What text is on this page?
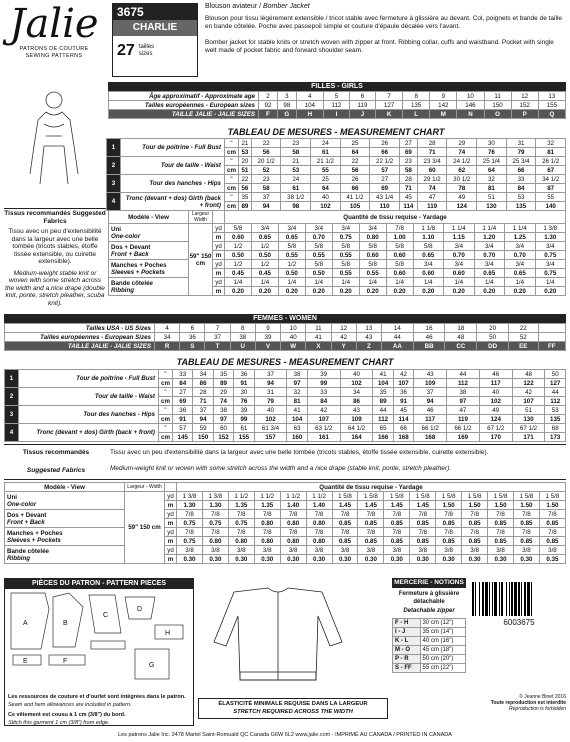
Jalie
PATRONS DE COUTURE
SEWING PATTERNS
3675
CHARLIE
27 tailles
sizes
Blouson aviateur / Bomber Jacket

Blouson pour tissu légèrement extensible / tricot stable avec fermeture à glissière au devant. Col, poignets et bande de taille en bande côtelée. Poche avec passepoil simple et couture d'épaule décalée vers l'avant.

Bomber jacket for stable knits or stretch woven with zipper at front. Ribbing collar, cuffs and waistband. Pocket with single welt made of pocket fabric and forward shoulder seam.

FILLES - GIRLS
Âge approximatif - Approximate age	2	3	4	5	6	7	8	9	10	11	12	13
Tailles européennes - European sizes	92	98	104	112	119	127	135	142	146	150	152	155
TAILLE JALIE - JALIE SIZES	F	G	H	I	J	K	L	M	N	O	P	Q
TABLEAU DE MESURES - MEASUREMENT CHART
1	Tour de poitrine - Full Bust	"	21	22	23	24	25	26	27	28	29	30	31	32
		cm	53	56	58	61	64	66	69	71	74	76	79	81
2	Tour de taille - Waist	"	20	20 1/2	21	21 1/2	22	22 1/2	23	23 3/4	24 1/2	25 1/4	25 3/4	26 1/2
		cm	51	52	53	55	56	57	58	60	62	64	66	67
3	Tour des hanches - Hips	"	22	23	24	25	26	27	28	29 1/2	30 1/2	32	33	34 1/2
		cm	56	58	61	64	66	69	71	74	78	81	84	87
4	Tronc (devant + dos) Girth (back + front)	"	35	37	38 1/2	40	41 1/2	43 1/4	45	47	49	51	53	55
		cm	89	94	98	102	105	110	114	119	124	130	135	140
Tissus recommandés Suggested Fabrics
Tissu avec un peu d'extensibilité dans la largeur avec une belle tombée (tricots stables, étoffe tissée extensible, ou cuirette extensible).
Medium-weight stable knit or woven with some stretch across the width and a nice drape (double knit, ponte, stretch pleather, scuba knit).
Modèle - View	Largeur Width		Quantité de tissu requise - Yardage											

Uni
One-color	59" 150 cm	yd	5/8	3/4	3/4	3/4	3/4	3/4	7/8	1 1/8	1 1/4	1 1/4	1 1/4	1 3/8
		m	0.60	0.65	0.65	0.70	0.75	0.80	1.00	1.10	1.15	1.20	1.25	1.30

Dos + Devant
Front + Back		yd	1/2	1/2	5/8	5/8	5/8	5/8	5/8	5/8	3/4	3/4	3/4	3/4
		m	0.50	0.50	0.55	0.55	0.55	0.60	0.60	0.65	0.70	0.70	0.70	0.75

Manches + Poches
Sleeves + Pockets		yd	1/2	1/2	1/2	5/8	5/8	5/8	5/8	3/4	3/4	3/4	3/4	3/4
		m	0.45	0.45	0.50	0.50	0.55	0.55	0.60	0.60	0.60	0.65	0.65	0.75

Bande côtelée
Ribbing		yd	1/4	1/4	1/4	1/4	1/4	1/4	1/4	1/4	1/4	1/4	1/4	1/4
		m	0.20	0.20	0.20	0.20	0.20	0.20	0.20	0.20	0.20	0.20	0.20	0.20
FEMMES - WOMEN
Tailles USA - US Sizes	4	6	7	8	9	10	11	12	13	14	16	18	20	22	
Tailles européennes - European Sizes	34	36	37	38	39	40	41	42	43	44	46	48	50	52	
TAILLE JALIE - JALIE SIZES	R	S	T	U	V	W	X	Y	Z	AA	BB	CC	DD	EE	FF
TABLEAU DE MESURES - MEASUREMENT CHART
1	Tour de poitrine - Full Bust	"	33	34	35	36	37	38	39	40	41	42	43	44	46	48	50
		cm	84	86	89	91	94	97	99	102	104	107	109	112	117	122	127
2	Tour de taille - Waist	"	27	28	29	30	31	32	33	34	35	36	37	38	40	42	44
		cm	69	71	74	76	79	81	84	86	89	91	94	97	102	107	112
3	Tour des hanches - Hips	"	36	37	38	39	40	41	42	43	44	45	46	47	49	51	53
		cm	91	94	97	99	102	104	107	109	112	114	117	119	124	130	135
4	Tronc (devant + dos) Girth (back + front)	"	57	59	60	61	61 3/4	63	63 1/2	64 1/2	65	66	66 1/2	66 1/2	67 1/2	67 1/2	68
		cm	145	150	152	155	157	160	161	164	166	168	168	169	170	171	173
Tissus recommandés
Suggested Fabrics
Tissu avec un peu d'extensibilité dans la largeur avec une belle tombée (tricots stables, étoffe tissée extensible, cuirette extensible).
Medium-weight knit or woven with some stretch across the width and a nice drape (stable knit, ponte, stretch pleather).
Modèle - View	Largeur - Width		Quantité de tissu requise - Yardage														

Uni
One-color	59" 150 cm	yd	1 3/8	1 3/8	1 1/2	1 1/2	1 1/2	1 1/2	1 5/8	1 5/8	1 5/8	1 5/8	1 5/8	1 5/8	1 5/8	1 5/8	1 5/8
		m	1.30	1.30	1.35	1.35	1.40	1.40	1.45	1.45	1.45	1.45	1.50	1.50	1.50	1.50	1.50

Dos + Devant
Front + Back		yd	7/8	7/8	7/8	7/8	7/8	7/8	7/8	7/8	7/8	7/8	7/8	7/8	7/8	7/8	7/8
		m	0.75	0.75	0.75	0.80	0.80	0.80	0.85	0.85	0.85	0.85	0.85	0.85	0.85	0.85	0.85

Manches + Poches
Sleeves + Pockets		yd	7/8	7/8	7/8	7/8	7/8	7/8	7/8	7/8	7/8	7/8	7/8	7/8	7/8	7/8	7/8
		m	0.75	0.80	0.80	0.80	0.80	0.80	0.85	0.85	0.85	0.85	0.85	0.85	0.85	0.85	0.85

Bande côtelée
Ribbing		yd	3/8	3/8	3/8	3/8	3/8	3/8	3/8	3/8	3/8	3/8	3/8	3/8	3/8	3/8	3/8
		m	0.30	0.30	0.30	0.30	0.30	0.30	0.30	0.30	0.30	0.30	0.30	0.30	0.30	0.30	0.35
PIÈCES DU PATRON - PATTERN PIECES
A	B
C
D
E	F
G
H
Les ressources de couture et d'ourlet sont intégrées dans le patron.
Seam and hem allowances are included in pattern.
Ce vêtement est cousu à 1 cm (3/8") du bord.
Stitch this garment 1 cm (3/8") from edge.
ÉLASTICITÉ MINIMALE REQUISE DANS LA LARGEUR
STRETCH REQUIRED ACROSS THE WIDTH
MERCERIE - NOTIONS
Fermeture à glissière détachable
Detachable zipper
F - H	30 cm (12")
I - J	35 cm (14")
K - L	40 cm (16")
M - O	45 cm (18")
P - R	50 cm (20")
S - FF	55 cm (22")
6003675
© Jeanne Binet 2016
Toute reproduction est interdite
Reproduction is forbidden
Les patrons Jalie Inc. 2478 Martel Saint-Romuald QC Canada G6W 6L2 www.jalie.com · IMPRIMÉ AU CANADA / PRINTED IN CANADA
